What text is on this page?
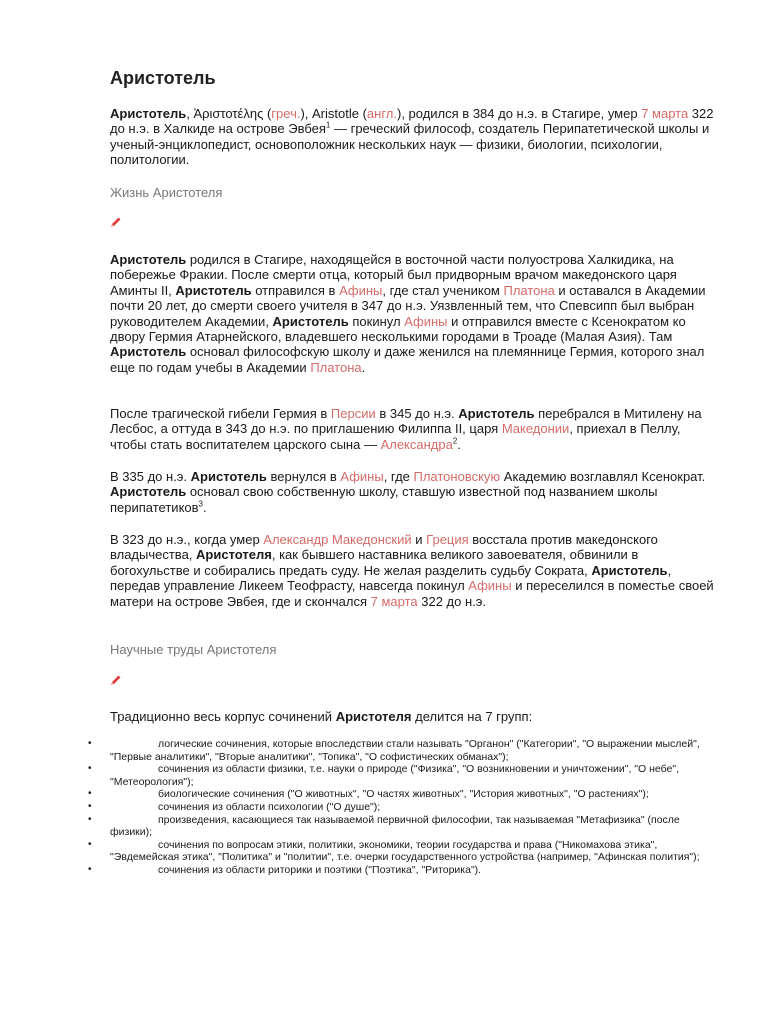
Аристотель

Аристотель, Ἀριστοτέλης (греч.), Aristotle (англ.), родился в 384 до н.э. в Стагире, умер 7 марта 322 до н.э. в Халкиде на острове Эвбея$^1$ — греческий философ, создатель Перипатетической школы и ученый-энциклопедист, основоположник нескольких наук — физики, биологии, психологии, политологии.

Жизнь Аристотеля

Аристотель родился в Стагире, находящейся в восточной части полуострова Халкидика, на побережье Фракии. После смерти отца, который был придворным врачом македонского царя Аминты II, Аристотель отправился в Афины, где стал учеником Платона и оставался в Академии почти 20 лет, до смерти своего учителя в 347 до н.э. Уязвленный тем, что Спевсипп был выбран руководителем Академии, Аристотель покинул Афины и отправился вместе с Ксенократом ко двору Гермия Атарнейского, владевшего несколькими городами в Троаде (Малая Азия). Там Аристотель основал философскую школу и даже женился на племяннице Гермия, которого знал еще по годам учебы в Академии Платона.

После трагической гибели Гермия в Персии в 345 до н.э. Аристотель перебрался в Митилену на Лесбос, а оттуда в 343 до н.э. по приглашению Филиппа II, царя Македонии, приехал в Пеллу, чтобы стать воспитателем царского сына — Александра$^2$.

В 335 до н.э. Аристотель вернулся в Афины, где Платоновскую Академию возглавлял Ксенократ. Аристотель основал свою собственную школу, ставшую известной под названием школы перипатетиков$^3$.

В 323 до н.э., когда умер Александр Македонский и Греция восстала против македонского владычества, Аристотеля, как бывшего наставника великого завоевателя, обвинили в богохульстве и собирались предать суду. Не желая разделить судьбу Сократа, Аристотель, передав управление Ликеем Теофрасту, навсегда покинул Афины и переселился в поместье своей матери на острове Эвбея, где и скончался 7 марта 322 до н.э.

Научные труды Аристотеля

Традиционно весь корпус сочинений Аристотеля делится на 7 групп:

•	логические сочинения, которые впоследствии стали называть "Органон" ("Категории", "О выражении мыслей", "Первые аналитики", "Вторые аналитики", "Топика", "О софистических обманах");
•	сочинения из области физики, т.е. науки о природе ("Физика", "О возникновении и уничтожении", "О небе", "Метеорология");
•	биологические сочинения ("О животных", "О частях животных", "История животных", "О растениях");
•	сочинения из области психологии ("О душе");
•	произведения, касающиеся так называемой первичной философии, так называемая "Метафизика" (после физики);
•	сочинения по вопросам этики, политики, экономики, теории государства и права ("Никомахова этика", "Эвдемейская этика", "Политика" и "политии", т.е. очерки государственного устройства (например, "Афинская полития");
•	сочинения из области риторики и поэтики ("Поэтика", "Риторика").
